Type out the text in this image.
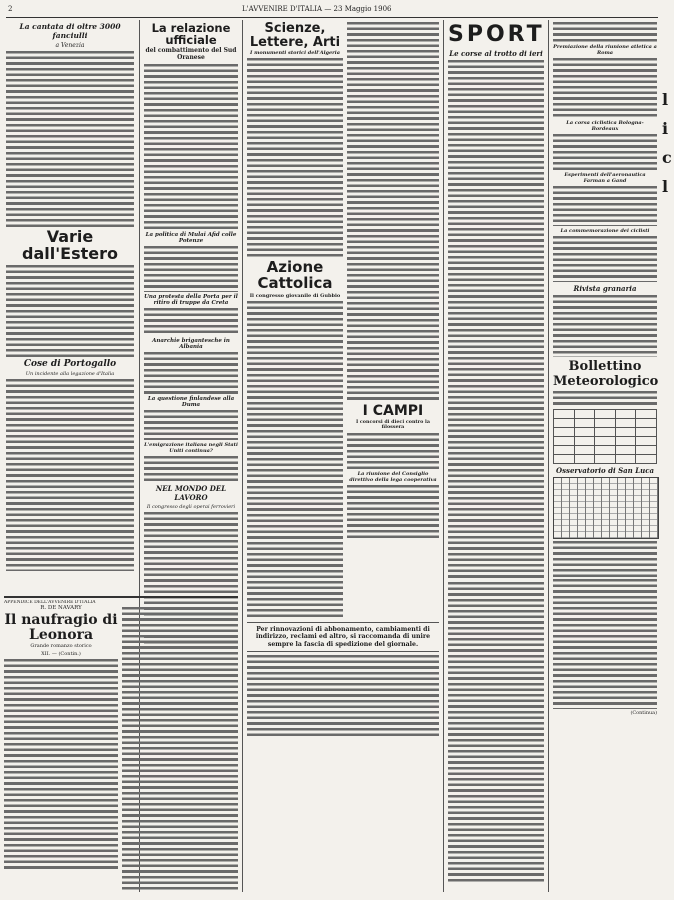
2	L'AVVENIRE D'ITALIA — 23 Maggio 1906
La cantata di oltre 3000 fanciulli
a Venezia
Varie dall'Estero
Cose di Portogallo
Un incidente alla legazione d'Italia
La relazione ufficiale
del combattimento del Sud Oranese
La politica di Mulai Afid colle Potenze
Una protesta della Porta per il ritiro di truppe da Creta
Anarchie brigantesche in Albania
La questione finlandese alla Duma
L'emigrazione italiana negli Stati Uniti continua?
NEL MONDO DEL LAVORO
Il congresso degli operai ferrovieri
Scienze, Lettere, Arti
I monumenti storici dell'Algeria
Azione Cattolica
Il congresso giovanile di Gubbio
I CAMPI
I concorsi di dieci contro la filossera
La riunione del Consiglio direttivo della lega cooperativa
Per rinnovazioni di abbonamento, cambiamenti di indirizzo, reclami ed altro, si raccomanda di unire sempre la fascia di spedizione del giornale.
SPORT
Le corse al trotto di ieri
Premiazione della riunione atletica a Roma
La corsa ciclistica Bologna-Bordeaux
Esperimenti dell'aeronautica Farman a Gand
La commemorazione dei ciclisti
Rivista granaria
Bollettino Meteorologico

Osservatorio di San Luca
(Continua)
APPENDICE DELL'AVVENIRE D'ITALIA
R. DE NAVARY
Il naufragio di Leonora
Grande romanzo storico
XII. — (Contin.)
l
i
c
l
